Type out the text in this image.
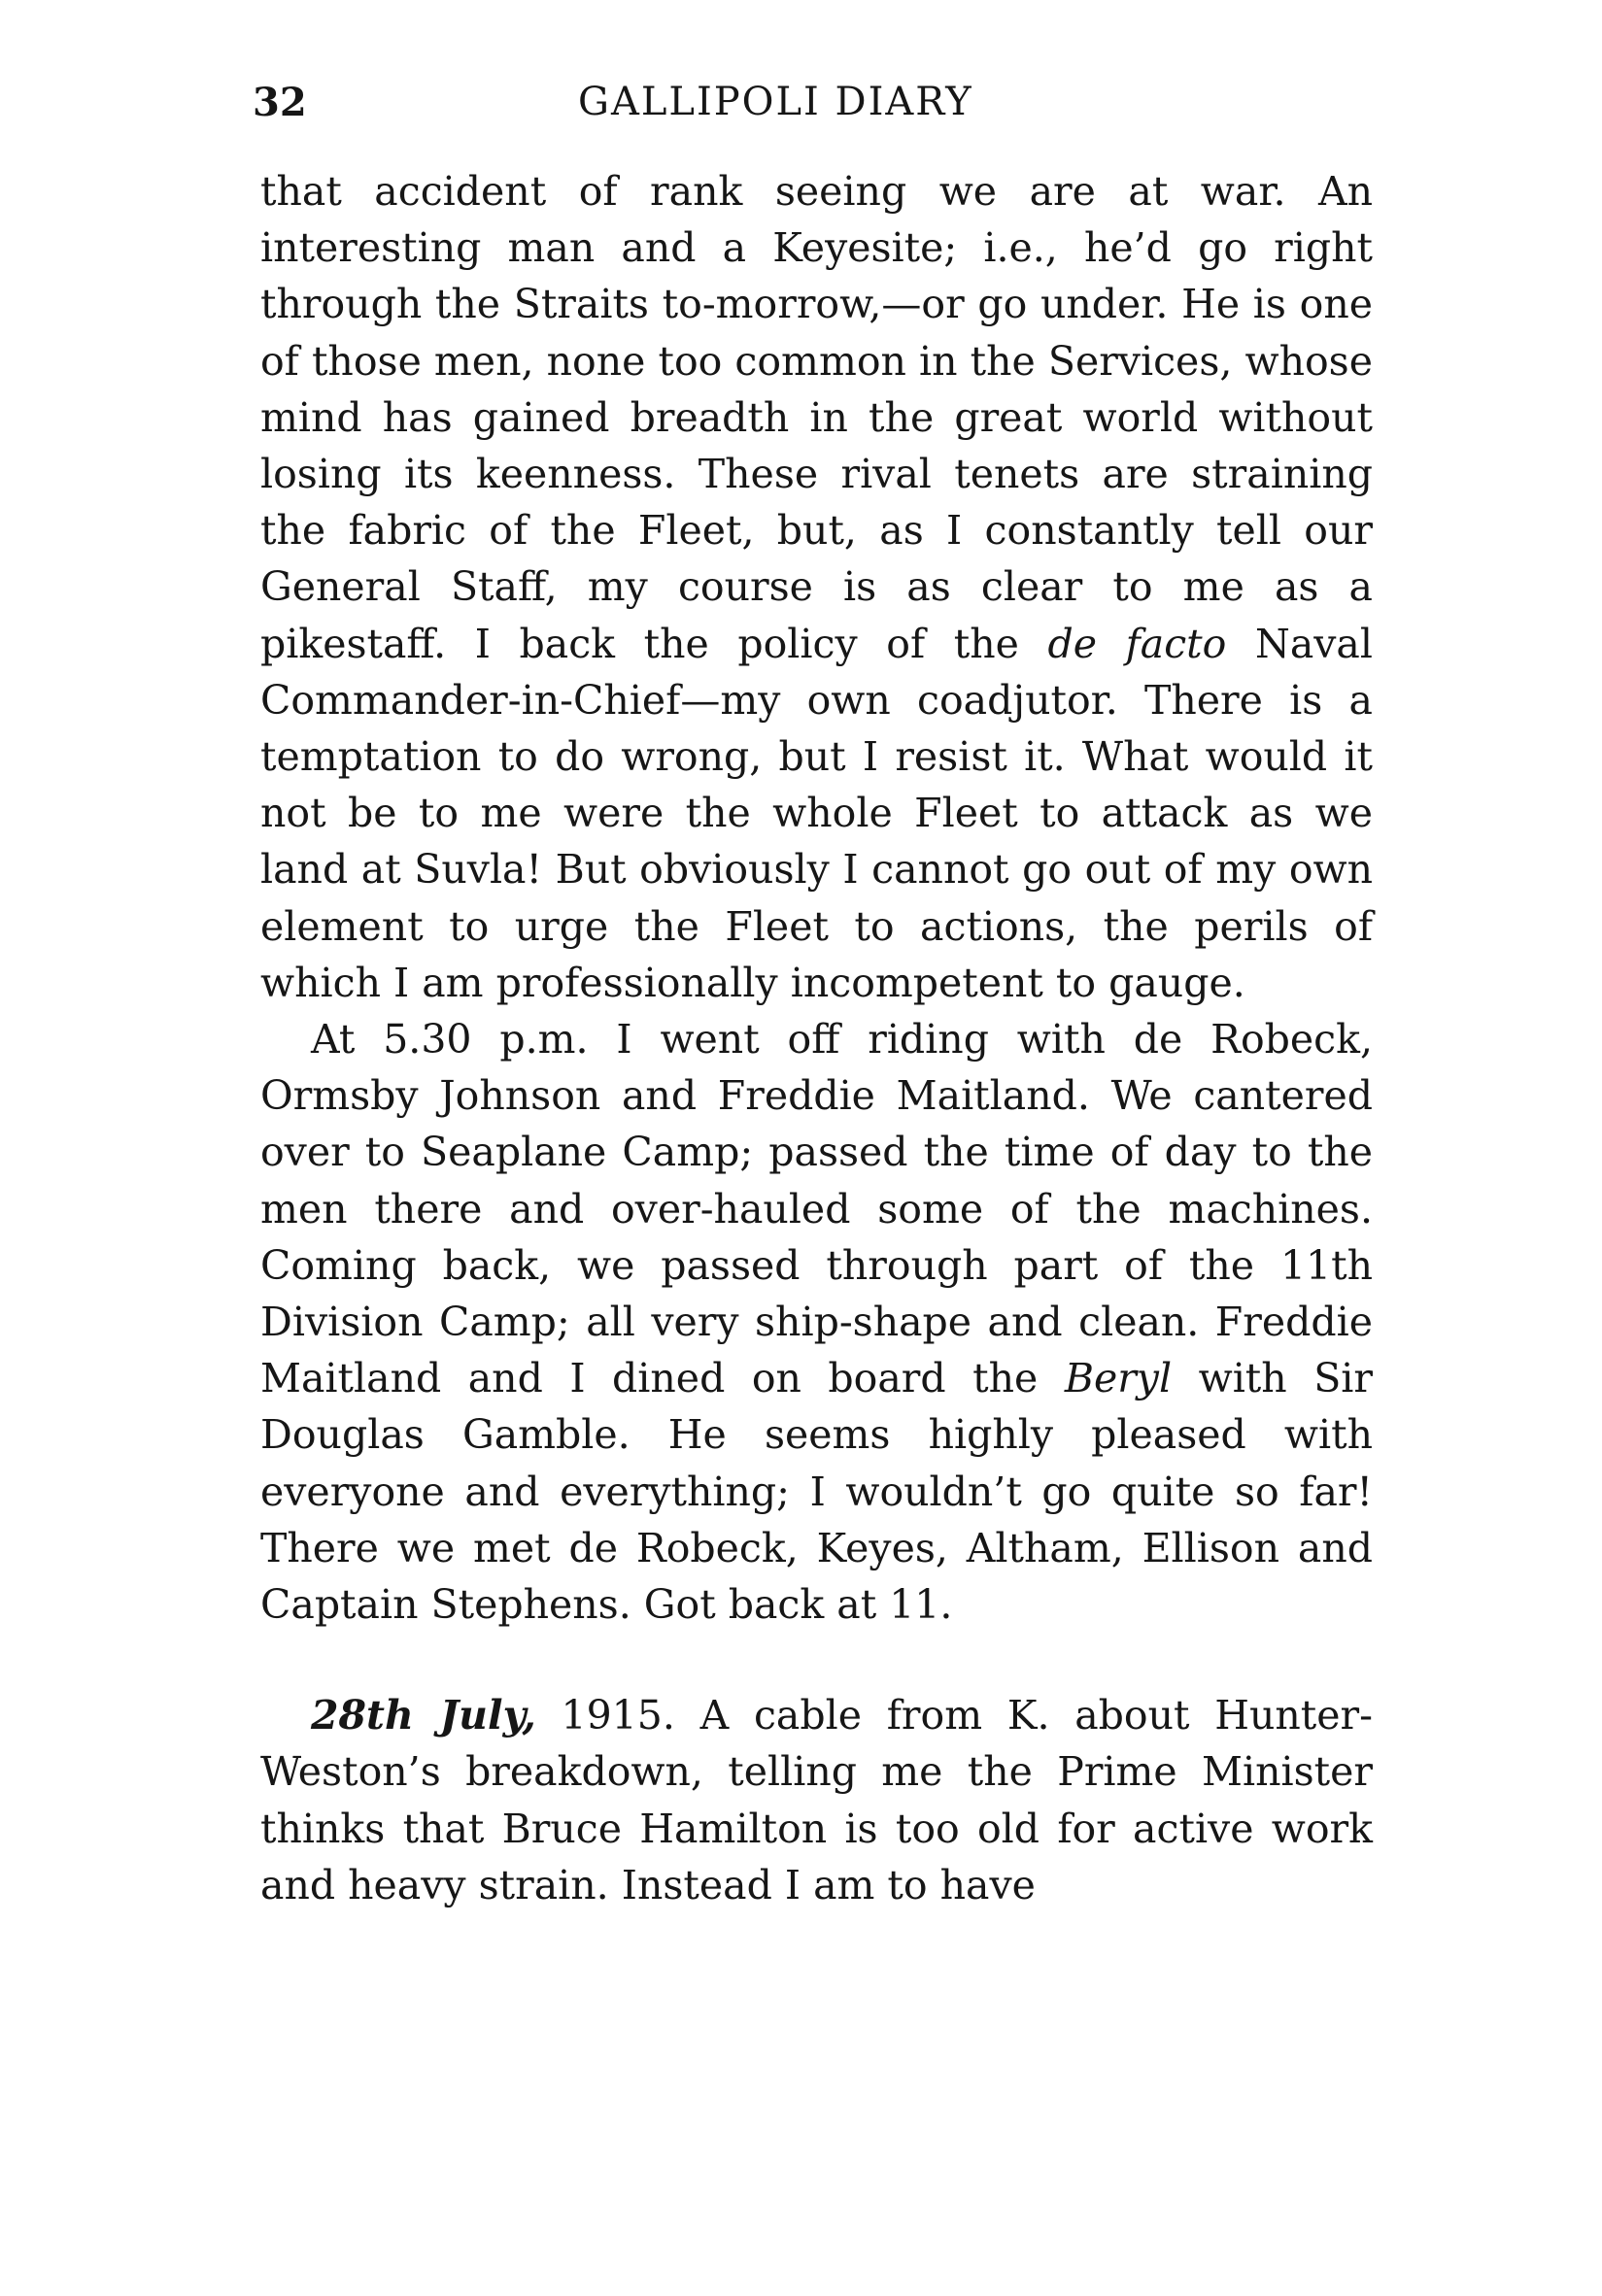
32	GALLIPOLI DIARY

that accident of rank seeing we are at war. An interesting man and a Keyesite; i.e., he’d go right through the Straits to-morrow,—or go under. He is one of those men, none too common in the Services, whose mind has gained breadth in the great world without losing its keenness. These rival tenets are straining the fabric of the Fleet, but, as I constantly tell our General Staff, my course is as clear to me as a pikestaff. I back the policy of the de facto Naval Commander-in-Chief—my own coadjutor. There is a temptation to do wrong, but I resist it. What would it not be to me were the whole Fleet to attack as we land at Suvla! But obviously I cannot go out of my own element to urge the Fleet to actions, the perils of which I am professionally incompetent to gauge.

At 5.30 p.m. I went off riding with de Robeck, Ormsby Johnson and Freddie Maitland. We cantered over to Seaplane Camp; passed the time of day to the men there and over-hauled some of the machines. Coming back, we passed through part of the 11th Division Camp; all very ship-shape and clean. Freddie Maitland and I dined on board the Beryl with Sir Douglas Gamble. He seems highly pleased with everyone and everything; I wouldn’t go quite so far! There we met de Robeck, Keyes, Altham, Ellison and Captain Stephens. Got back at 11.

28th July, 1915. A cable from K. about Hunter-Weston’s breakdown, telling me the Prime Minister thinks that Bruce Hamilton is too old for active work and heavy strain. Instead I am to have
